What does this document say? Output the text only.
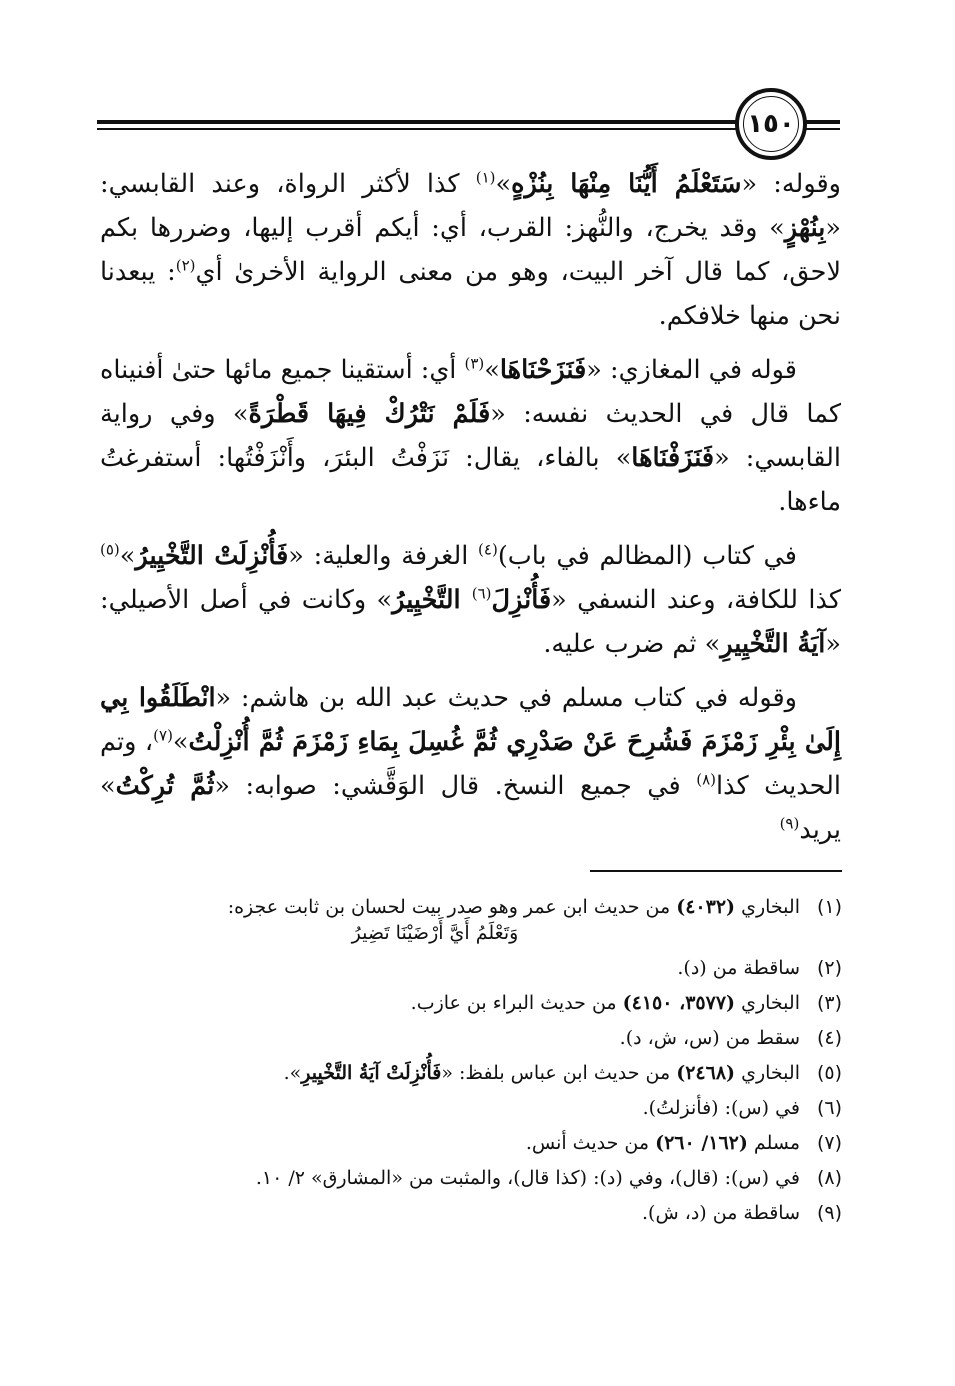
١٥٠

وقوله: «سَتَعْلَمُ أَيُّنَا مِنْهَا بِنُزْهٍ»$^{(١)}$ كذا لأكثر الرواة، وعند القابسي: «بِنُهْزٍ» وقد يخرج، والنُّهز: القرب، أي: أيكم أقرب إليها، وضررها بكم لاحق، كما قال آخر البيت، وهو من معنى الرواية الأخرىٰ أي$^{(٢)}$: يبعدنا نحن منها خلافكم.

قوله في المغازي: «فَنَزَحْنَاهَا»$^{(٣)}$ أي: أستقينا جميع مائها حتىٰ أفنيناه كما قال في الحديث نفسه: «فَلَمْ نَتْرُكْ فِيهَا قَطْرَةً» وفي رواية القابسي: «فَنَزَفْنَاهَا» بالفاء، يقال: نَزَفْتُ البئرَ، وأَنْزَفْتُها: أستفرغتُ ماءها.

في كتاب (المظالم في باب)$^{(٤)}$ الغرفة والعلية: «فَأُنْزِلَتْ التَّخْيِيرُ»$^{(٥)}$ كذا للكافة، وعند النسفي «فَأُنْزِلَ$^{(٦)}$ التَّخْيِيرُ» وكانت في أصل الأصيلي: «آيَةُ التَّخْيِيرِ» ثم ضرب عليه.

وقوله في كتاب مسلم في حديث عبد الله بن هاشم: «انْطَلَقُوا بِي إِلَىٰ بِئْرِ زَمْزَمَ فَشُرِحَ عَنْ صَدْرِي ثُمَّ غُسِلَ بِمَاءِ زَمْزَمَ ثُمَّ أُنْزِلْتُ»$^{(٧)}$، وتم الحديث كذا$^{(٨)}$ في جميع النسخ. قال الوَقَّشي: صوابه: «ثُمَّ تُرِكْتُ» يريد$^{(٩)}$

(١)
البخاري (٤٠٣٢) من حديث ابن عمر وهو صدر بيت لحسان بن ثابت عجزه:
وَتَعْلَمُ أَيَّ أَرْضَيْنَا تَضِيرُ
(٢)
ساقطة من (د).
(٣)
البخاري (٣٥٧٧، ٤١٥٠) من حديث البراء بن عازب.
(٤)
سقط من (س، ش، د).
(٥)
البخاري (٢٤٦٨) من حديث ابن عباس بلفظ: «فَأُنْزِلَتْ آيَةُ التَّخْيِيرِ».
(٦)
في (س): (فأنزلتُ).
(٧)
مسلم (١٦٢/ ٢٦٠) من حديث أنس.
(٨)
في (س): (قال)، وفي (د): (كذا قال)، والمثبت من «المشارق» ٢/ ١٠.
(٩)
ساقطة من (د، ش).
